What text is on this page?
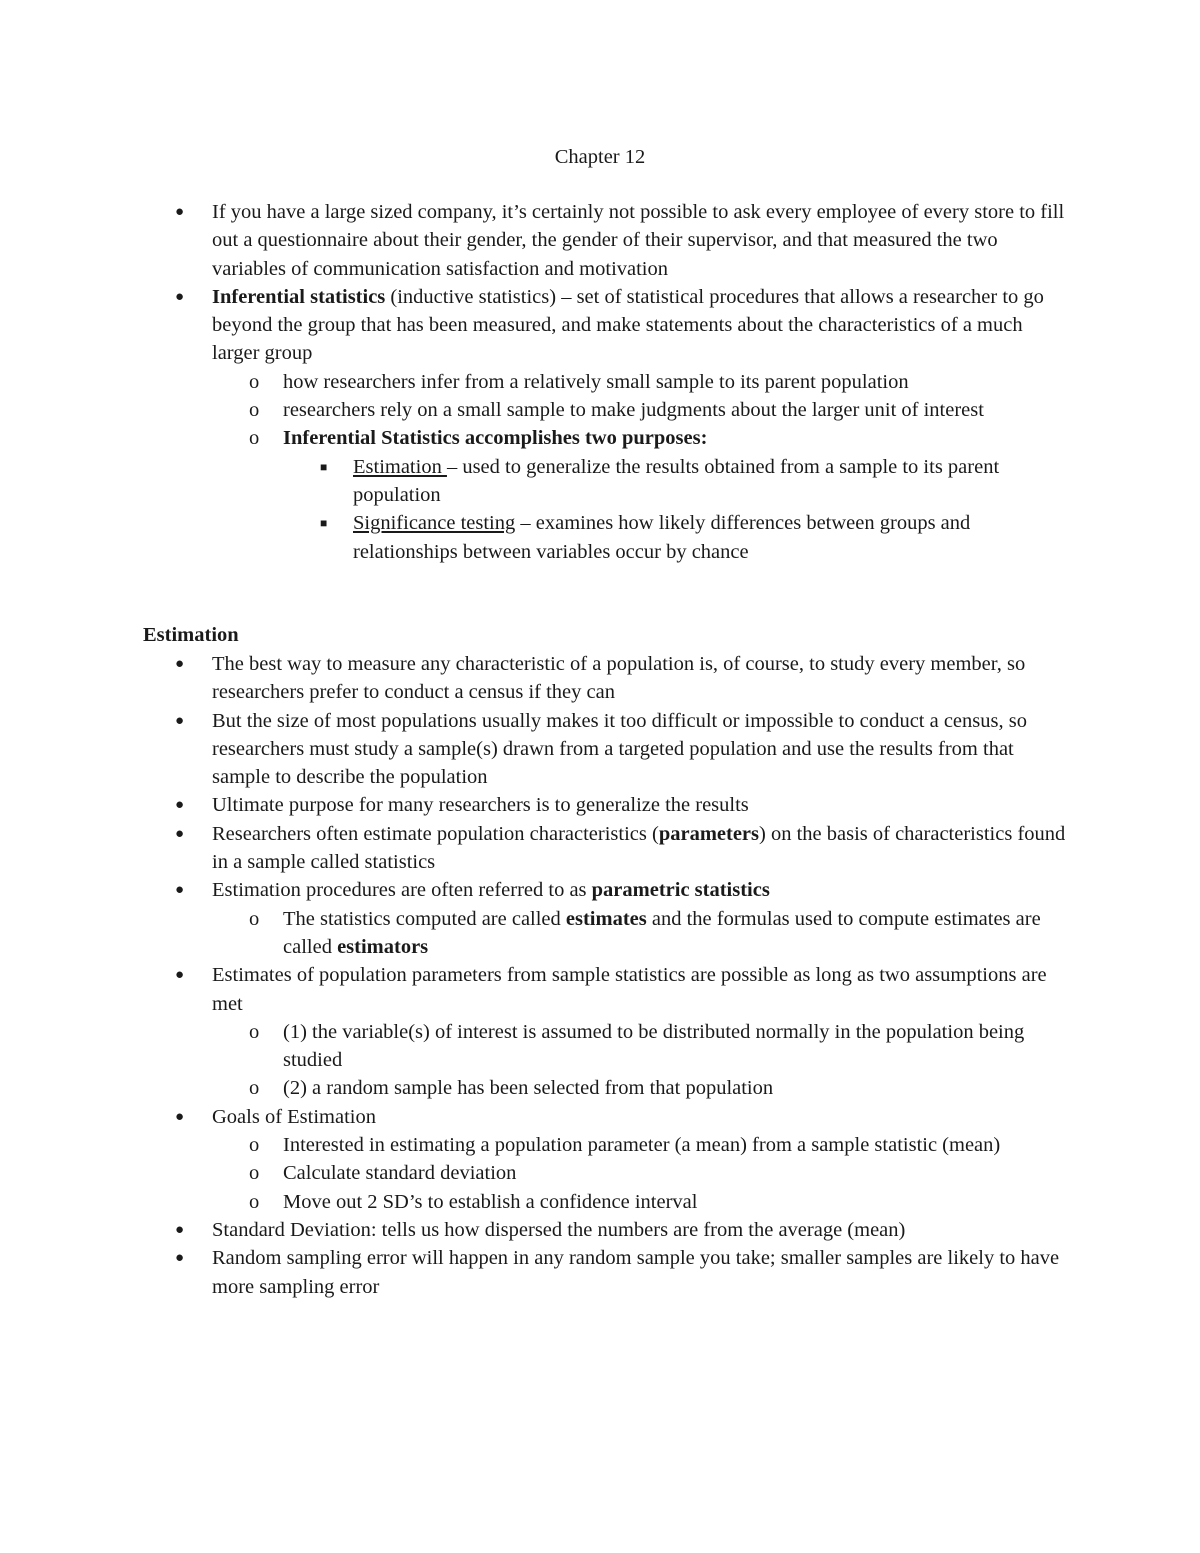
Chapter 12
● If you have a large sized company, it’s certainly not possible to ask every employee of every store to fill out a questionnaire about their gender, the gender of their supervisor, and that measured the two variables of communication satisfaction and motivation
● Inferential statistics (inductive statistics) – set of statistical procedures that allows a researcher to go beyond the group that has been measured, and make statements about the characteristics of a much larger group
o how researchers infer from a relatively small sample to its parent population
o researchers rely on a small sample to make judgments about the larger unit of interest
o Inferential Statistics accomplishes two purposes:
■ Estimation – used to generalize the results obtained from a sample to its parent population
■ Significance testing – examines how likely differences between groups and relationships between variables occur by chance
Estimation
● The best way to measure any characteristic of a population is, of course, to study every member, so researchers prefer to conduct a census if they can
● But the size of most populations usually makes it too difficult or impossible to conduct a census, so researchers must study a sample(s) drawn from a targeted population and use the results from that sample to describe the population
● Ultimate purpose for many researchers is to generalize the results
● Researchers often estimate population characteristics (parameters) on the basis of characteristics found in a sample called statistics
● Estimation procedures are often referred to as parametric statistics
o The statistics computed are called estimates and the formulas used to compute estimates are called estimators
● Estimates of population parameters from sample statistics are possible as long as two assumptions are met
o (1) the variable(s) of interest is assumed to be distributed normally in the population being studied
o (2) a random sample has been selected from that population
● Goals of Estimation
o Interested in estimating a population parameter (a mean) from a sample statistic (mean)
o Calculate standard deviation
o Move out 2 SD’s to establish a confidence interval
● Standard Deviation: tells us how dispersed the numbers are from the average (mean)
● Random sampling error will happen in any random sample you take; smaller samples are likely to have more sampling error
